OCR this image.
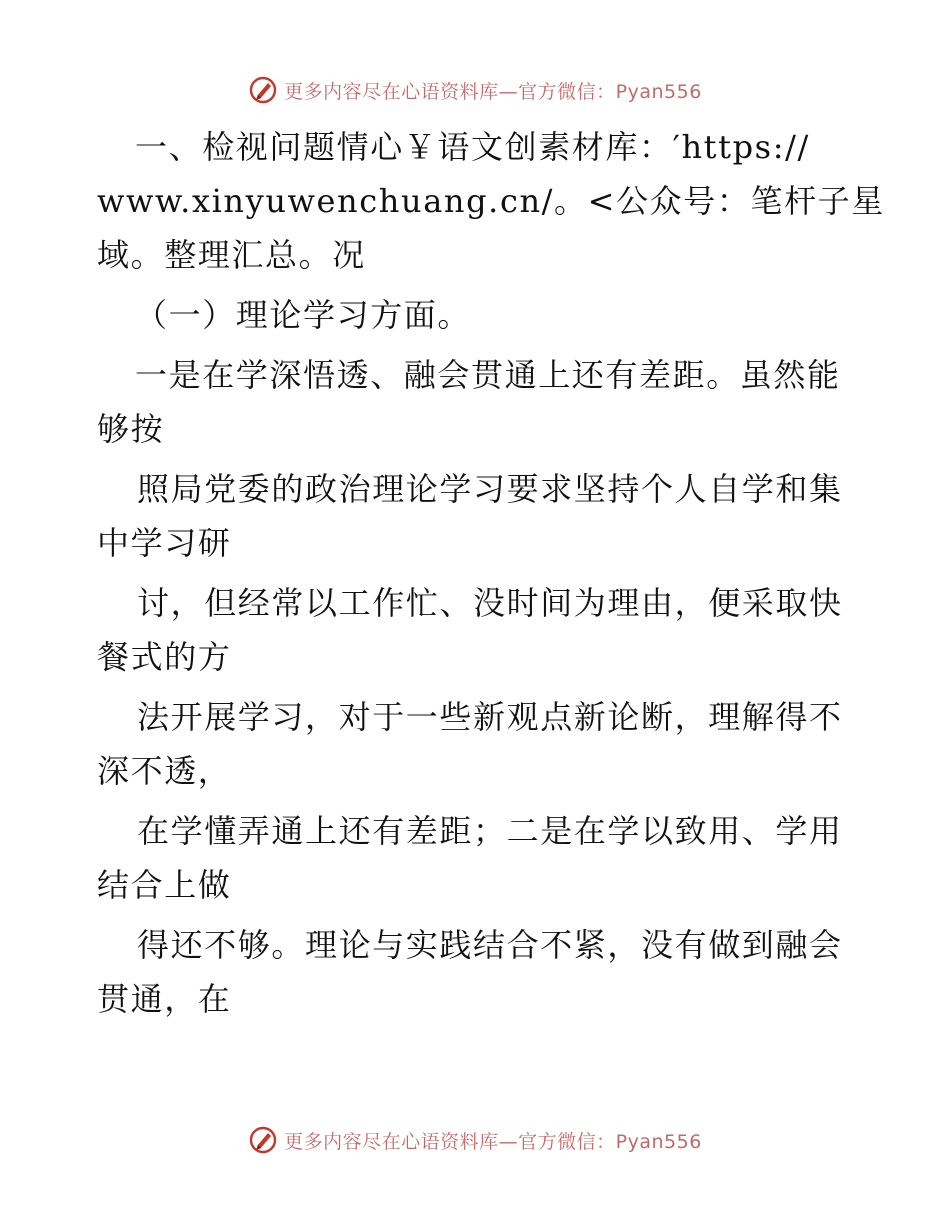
更多内容尽在心语资料库—官方微信：Pyan556
一、检视问题情心￥语文创素材库：′https://
www.xinyuwenchuang.cn/。<公众号：笔杆子星
域。整理汇总。况
（一）理论学习方面。
一是在学深悟透、融会贯通上还有差距。虽然能
够按
照局党委的政治理论学习要求坚持个人自学和集
中学习研
讨，但经常以工作忙、没时间为理由，便采取快
餐式的方
法开展学习，对于一些新观点新论断，理解得不
深不透，
在学懂弄通上还有差距；二是在学以致用、学用
结合上做
得还不够。理论与实践结合不紧，没有做到融会
贯通，在
更多内容尽在心语资料库—官方微信：Pyan556
